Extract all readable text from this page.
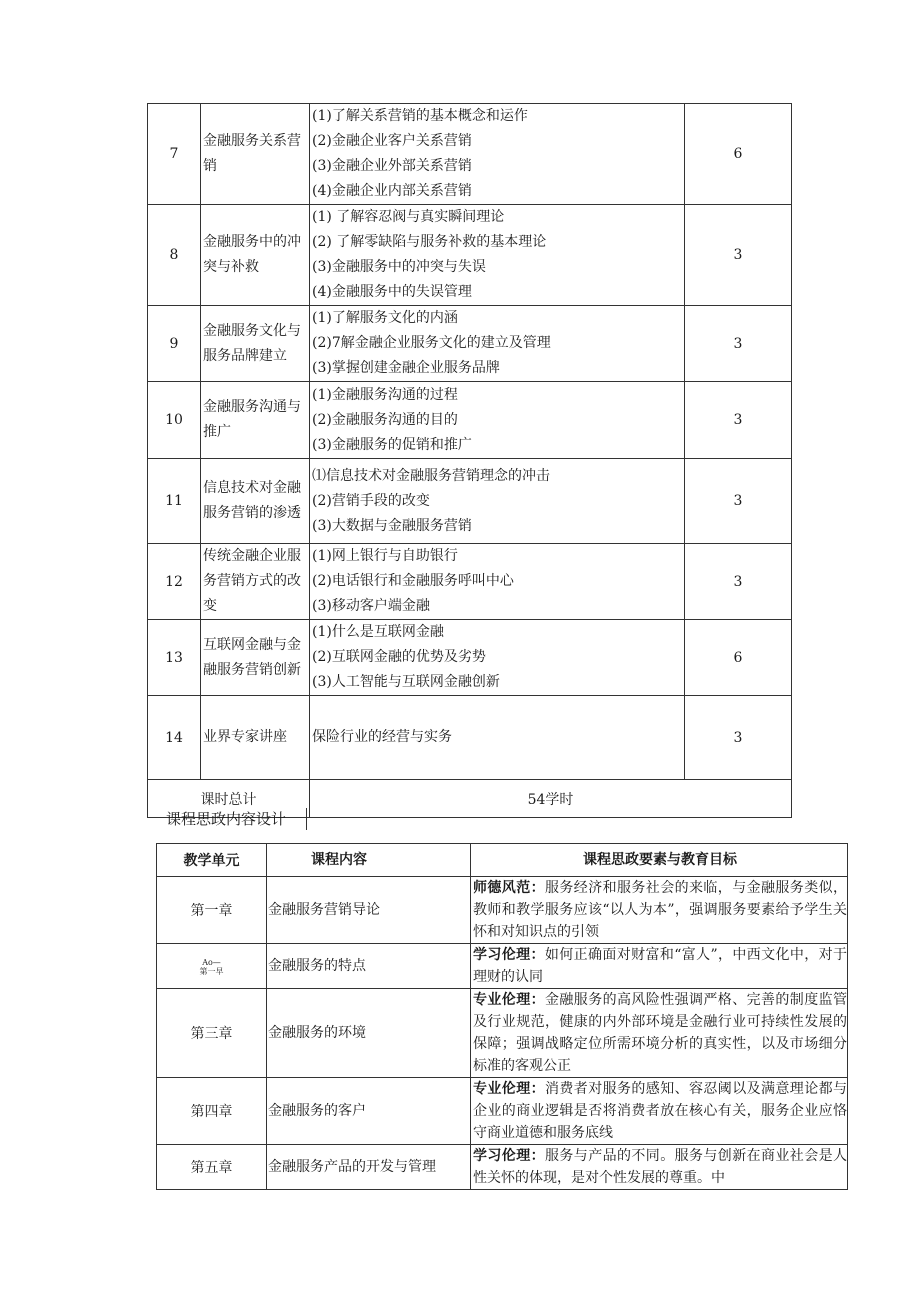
7	金融服务关系营销	(1)了解关系营销的基本概念和运作
(2)金融企业客户关系营销
(3)金融企业外部关系营销
(4)金融企业内部关系营销	6
8	金融服务中的冲突与补救	(1) 了解容忍阀与真实瞬间理论
(2) 了解零缺陷与服务补救的基本理论
(3)金融服务中的冲突与失误
(4)金融服务中的失误管理	3
9	金融服务文化与服务品牌建立	(1)了解服务文化的内涵
(2)7解金融企业服务文化的建立及管理
(3)掌握创建金融企业服务品牌	3
10	金融服务沟通与推广	(1)金融服务沟通的过程
(2)金融服务沟通的目的
(3)金融服务的促销和推广	3
11	信息技术对金融服务营销的渗透	⑴信息技术对金融服务营销理念的冲击
(2)营销手段的改变
(3)大数据与金融服务营销	3
12	传统金融企业服务营销方式的改变	(1)网上银行与自助银行
(2)电话银行和金融服务呼叫中心
(3)移动客户端金融	3
13	互联网金融与金融服务营销创新	(1)什么是互联网金融
(2)互联网金融的优势及劣势
(3)人工智能与互联网金融创新	6
14	业界专家讲座	保险行业的经营与实务	3
课时总计		54学时	
课程思政内容设计
教学单元	课程内容	课程思政要素与教育目标
第一章	金融服务营销导论	师德风范：服务经济和服务社会的来临，与金融服务类似，教师和教学服务应该“以人为本”，强调服务要素给予学生关怀和对知识点的引领
Ao—
第一早	金融服务的特点	学习伦理：如何正确面对财富和“富人”，中西文化中，对于理财的认同
第三章	金融服务的环境	专业伦理：金融服务的高风险性强调严格、完善的制度监管及行业规范，健康的内外部环境是金融行业可持续性发展的保障；强调战略定位所需环境分析的真实性，以及市场细分标准的客观公正
第四章	金融服务的客户	专业伦理：消费者对服务的感知、容忍阈以及满意理论都与企业的商业逻辑是否将消费者放在核心有关，服务企业应恪守商业道德和服务底线
第五章	金融服务产品的开发与管理	学习伦理：服务与产品的不同。服务与创新在商业社会是人性关怀的体现，是对个性发展的尊重。中
